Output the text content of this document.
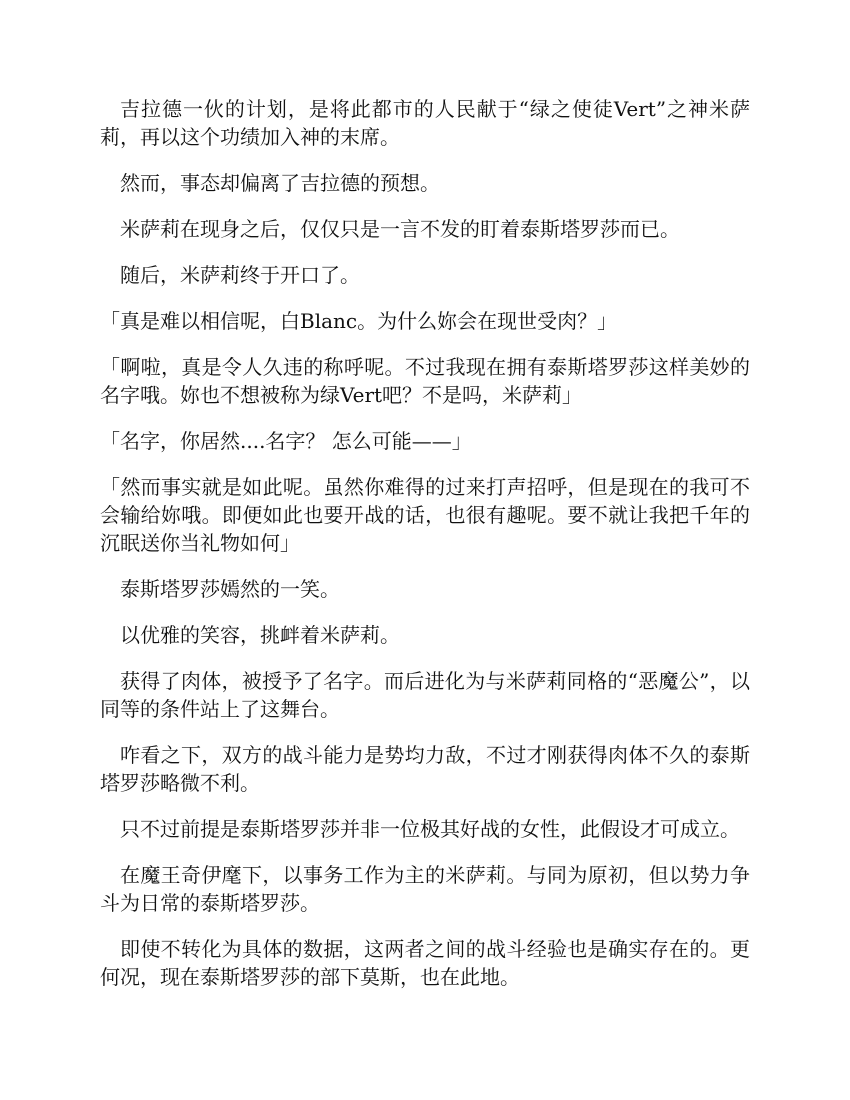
吉拉德一伙的计划，是将此都市的人民献于“绿之使徒Vert”之神米萨莉，再以这个功绩加入神的末席。

然而，事态却偏离了吉拉德的预想。

米萨莉在现身之后，仅仅只是一言不发的盯着泰斯塔罗莎而已。

随后，米萨莉终于开口了。

「真是难以相信呢，白Blanc。为什么妳会在现世受肉？」

「啊啦，真是令人久违的称呼呢。不过我现在拥有泰斯塔罗莎这样美妙的名字哦。妳也不想被称为绿Vert吧？不是吗，米萨莉」

「名字，你居然....名字？ 怎么可能——」

「然而事实就是如此呢。虽然你难得的过来打声招呼，但是现在的我可不会输给妳哦。即便如此也要开战的话，也很有趣呢。要不就让我把千年的沉眠送你当礼物如何」

泰斯塔罗莎嫣然的一笑。

以优雅的笑容，挑衅着米萨莉。

获得了肉体，被授予了名字。而后进化为与米萨莉同格的“恶魔公”，以同等的条件站上了这舞台。

咋看之下，双方的战斗能力是势均力敌，不过才刚获得肉体不久的泰斯塔罗莎略微不利。

只不过前提是泰斯塔罗莎并非一位极其好战的女性，此假设才可成立。

在魔王奇伊麾下，以事务工作为主的米萨莉。与同为原初，但以势力争斗为日常的泰斯塔罗莎。

即使不转化为具体的数据，这两者之间的战斗经验也是确实存在的。更何况，现在泰斯塔罗莎的部下莫斯，也在此地。
